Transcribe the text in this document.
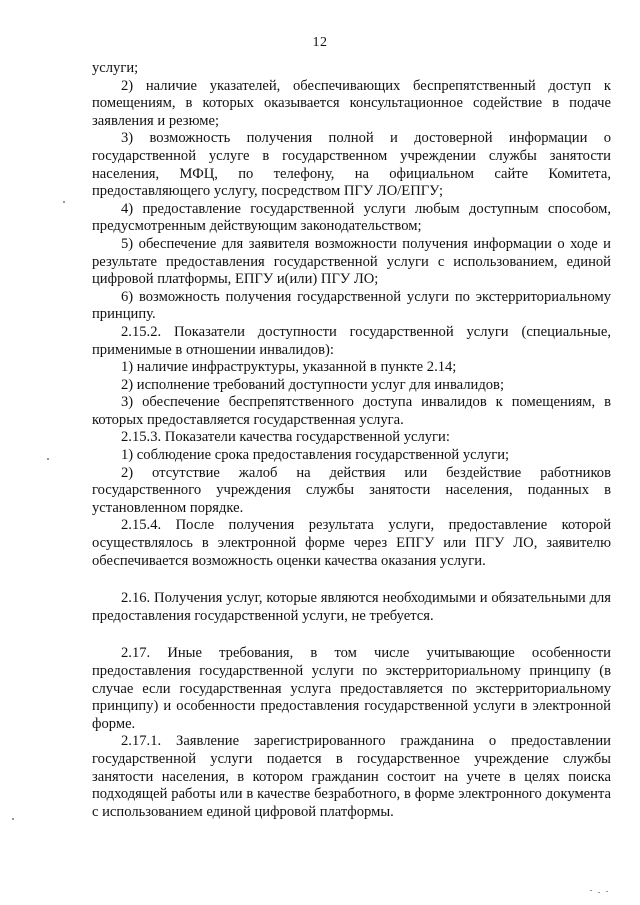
12

услуги;

2) наличие указателей, обеспечивающих беспрепятственный доступ к помещениям, в которых оказывается консультационное содействие в подаче заявления и резюме;

3) возможность получения полной и достоверной информации о государственной услуге в государственном учреждении службы занятости населения, МФЦ, по телефону, на официальном сайте Комитета, предоставляющего услугу, посредством ПГУ ЛО/ЕПГУ;

4) предоставление государственной услуги любым доступным способом, предусмотренным действующим законодательством;

5) обеспечение для заявителя возможности получения информации о ходе и результате предоставления государственной услуги с использованием, единой цифровой платформы, ЕПГУ и(или) ПГУ ЛО;

6) возможность получения государственной услуги по экстерриториальному принципу.

2.15.2. Показатели доступности государственной услуги (специальные, применимые в отношении инвалидов):

1) наличие инфраструктуры, указанной в пункте 2.14;

2) исполнение требований доступности услуг для инвалидов;

3) обеспечение беспрепятственного доступа инвалидов к помещениям, в которых предоставляется государственная услуга.

2.15.3. Показатели качества государственной услуги:

1) соблюдение срока предоставления государственной услуги;

2) отсутствие жалоб на действия или бездействие работников государственного учреждения службы занятости населения, поданных в установленном порядке.

2.15.4. После получения результата услуги, предоставление которой осуществлялось в электронной форме через ЕПГУ или ПГУ ЛО, заявителю обеспечивается возможность оценки качества оказания услуги.

2.16. Получения услуг, которые являются необходимыми и обязательными для предоставления государственной услуги, не требуется.

2.17. Иные требования, в том числе учитывающие особенности предоставления государственной услуги по экстерриториальному принципу (в случае если государственная услуга предоставляется по экстерриториальному принципу) и особенности предоставления государственной услуги в электронной форме.

2.17.1. Заявление зарегистрированного гражданина о предоставлении государственной услуги подается в государственное учреждение службы занятости населения, в котором гражданин состоит на учете в целях поиска подходящей работы или в качестве безработного, в форме электронного документа с использованием единой цифровой платформы.
